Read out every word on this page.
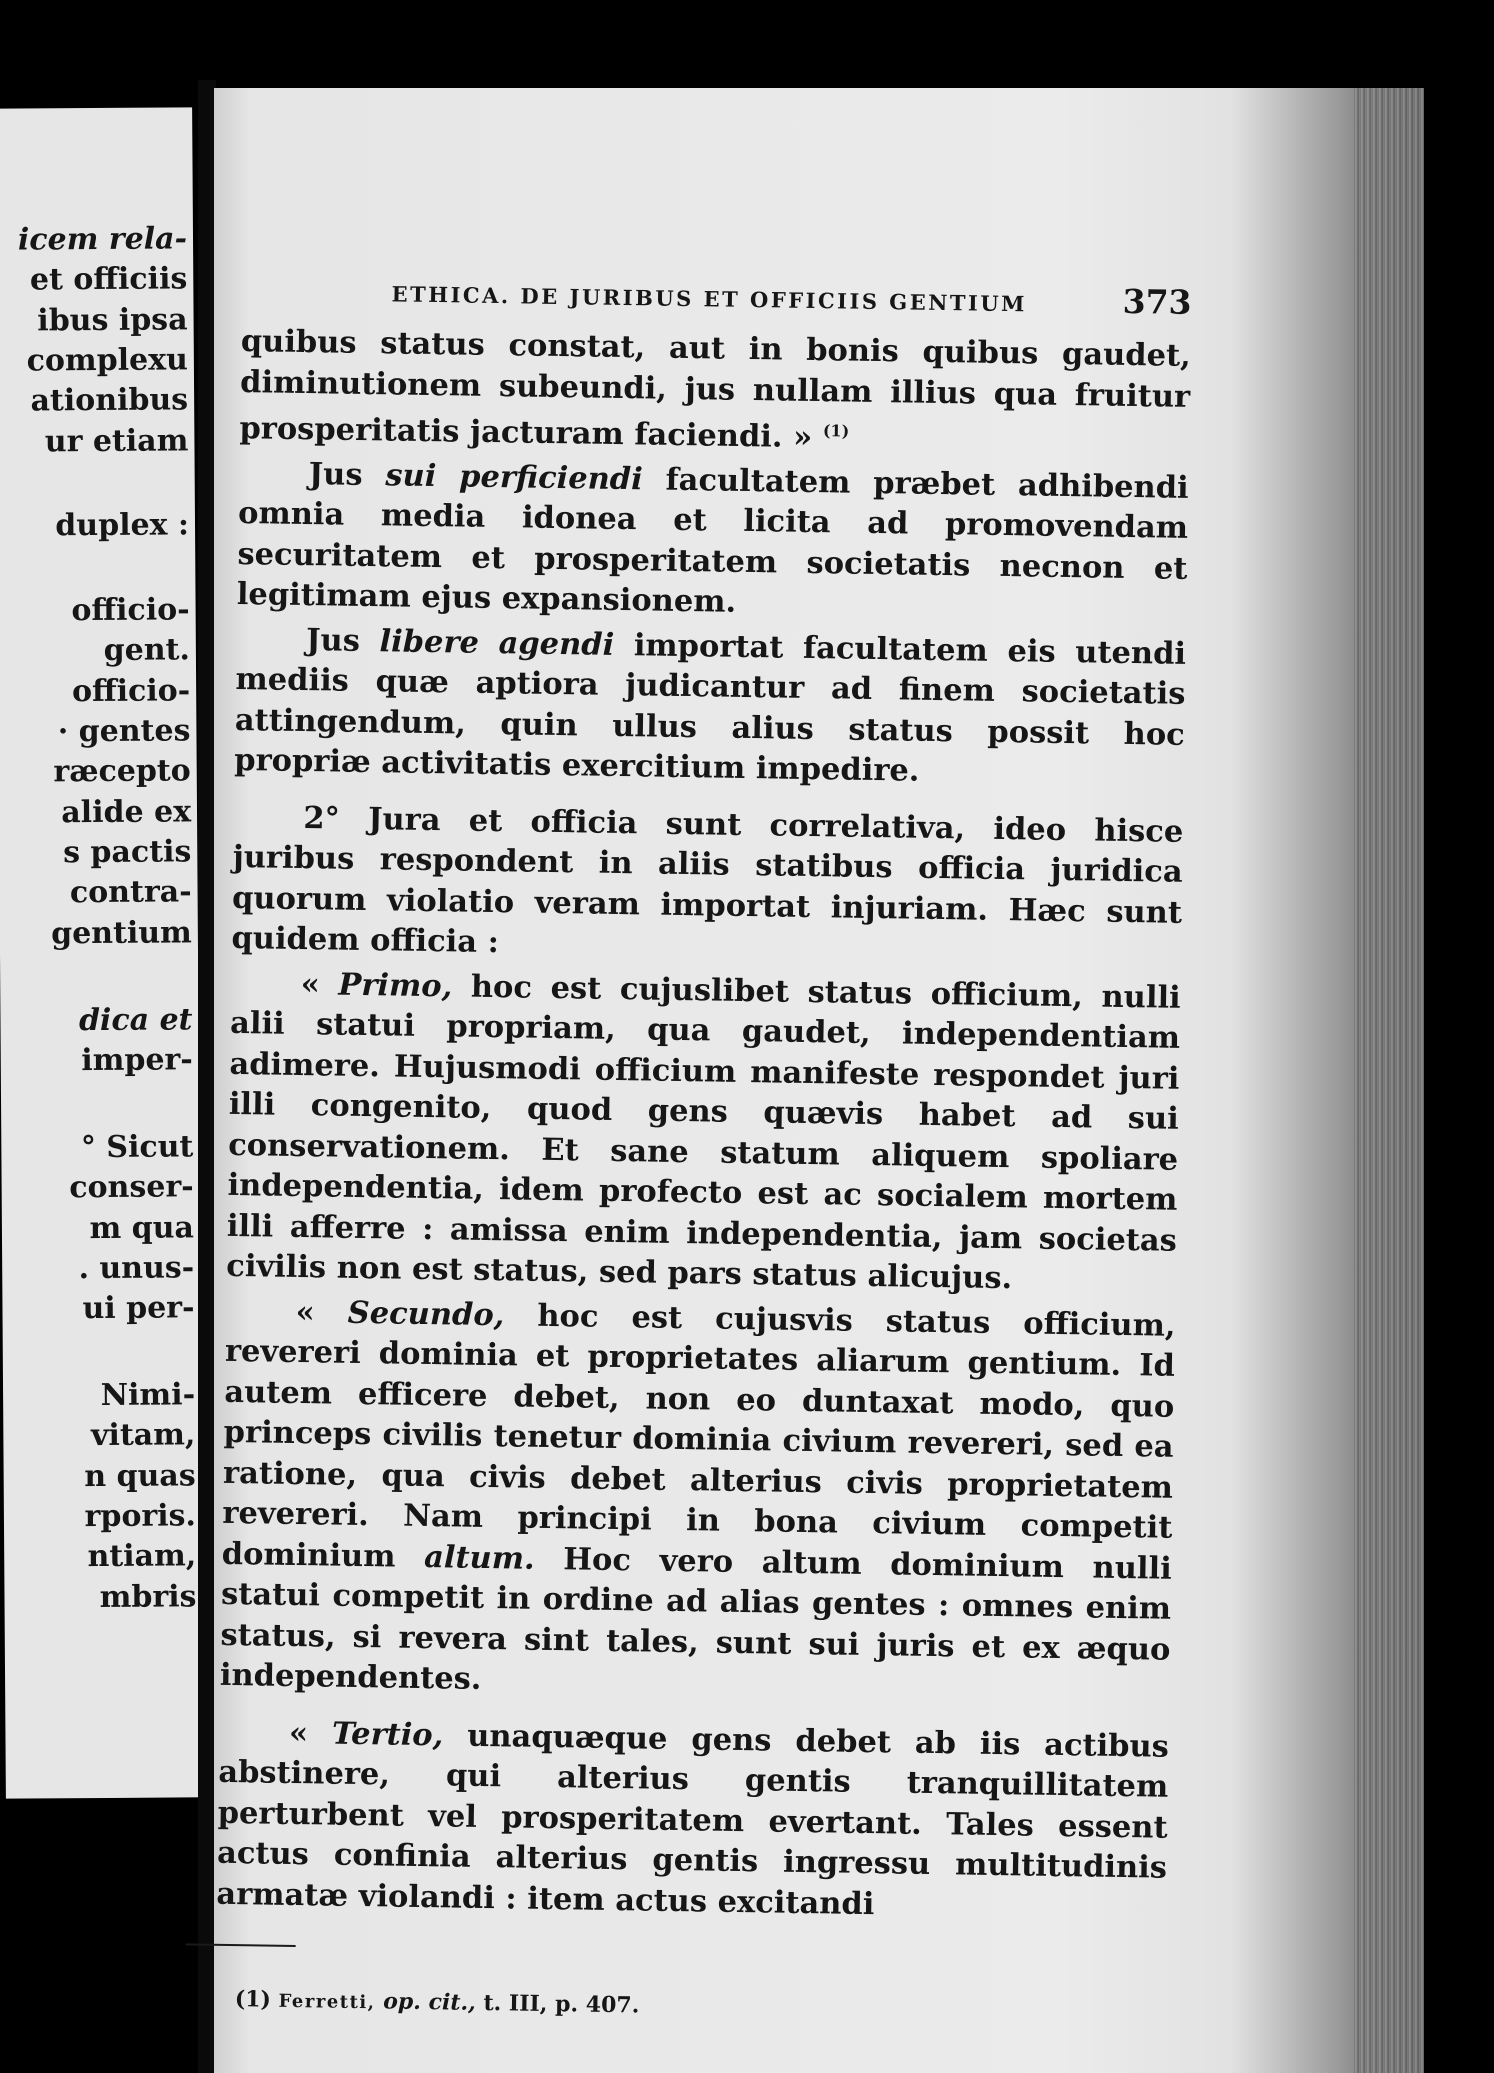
icem rela-
et officiis
ibus ipsa
complexu
ationibus
ur etiam
duplex :
officio-
gent.
officio-
· gentes
ræcepto
alide ex
s pactis
contra-
gentium
dica et
imper-
° Sicut
conser-
m qua
. unus-
ui per-
Nimi-
vitam,
n quas
rporis.
ntiam,
mbris
ETHICA. DE JURIBUS ET OFFICIIS GENTIUM	373

quibus status constat, aut in bonis quibus gaudet, diminutionem subeundi, jus nullam illius qua fruitur prosperitatis jacturam faciendi. » $^{(1)}$

Jus sui perficiendi facultatem præbet adhibendi omnia media idonea et licita ad promovendam securitatem et prosperitatem societatis necnon et legitimam ejus expansionem.

Jus libere agendi importat facultatem eis utendi mediis quæ aptiora judicantur ad finem societatis attingendum, quin ullus alius status possit hoc propriæ activitatis exercitium impedire.

2° Jura et officia sunt correlativa, ideo hisce juribus respondent in aliis statibus officia juridica quorum violatio veram importat injuriam. Hæc sunt quidem officia :

« Primo, hoc est cujuslibet status officium, nulli alii statui propriam, qua gaudet, independentiam adimere. Hujusmodi officium manifeste respondet juri illi congenito, quod gens quævis habet ad sui conservationem. Et sane statum aliquem spoliare independentia, idem profecto est ac socialem mortem illi afferre : amissa enim independentia, jam societas civilis non est status, sed pars status alicujus.

« Secundo, hoc est cujusvis status officium, revereri dominia et proprietates aliarum gentium. Id autem efficere debet, non eo duntaxat modo, quo princeps civilis tenetur dominia civium revereri, sed ea ratione, qua civis debet alterius civis proprietatem revereri. Nam principi in bona civium competit dominium altum. Hoc vero altum dominium nulli statui competit in ordine ad alias gentes : omnes enim status, si revera sint tales, sunt sui juris et ex æquo independentes.

« Tertio, unaquæque gens debet ab iis actibus abstinere, qui alterius gentis tranquillitatem perturbent vel prosperitatem evertant. Tales essent actus confinia alterius gentis ingressu multitudinis armatæ violandi : item actus excitandi

(1) Ferretti, op. cit., t. III, p. 407.
